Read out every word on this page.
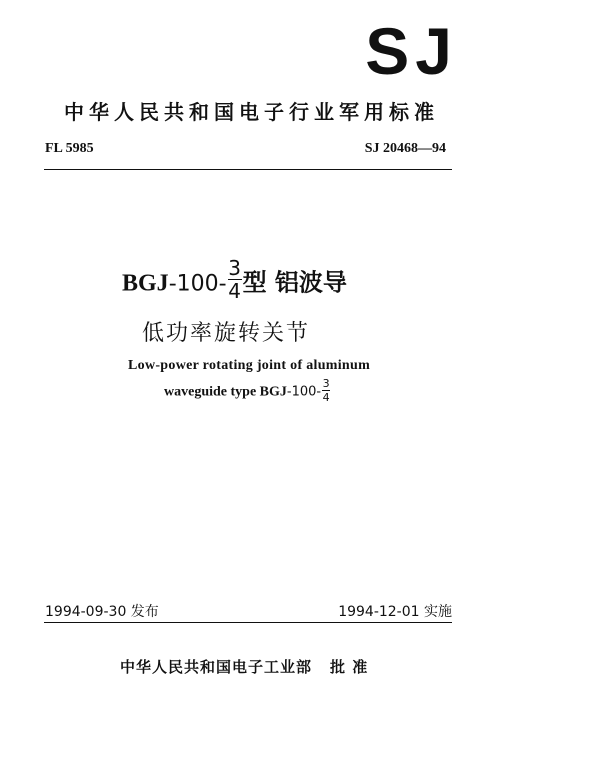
SJ
中华人民共和国电子行业军用标准
FL 5985	SJ 20468—94
$BGJ-100- \frac{3}{4}$ 型 铝波导
低功率旋转关节
Low-power rotating joint of aluminum
waveguide type $BGJ-100- \frac{3}{4}$
1994-09-30 发布	1994-12-01 实施
中华人民共和国电子工业部 批 准
